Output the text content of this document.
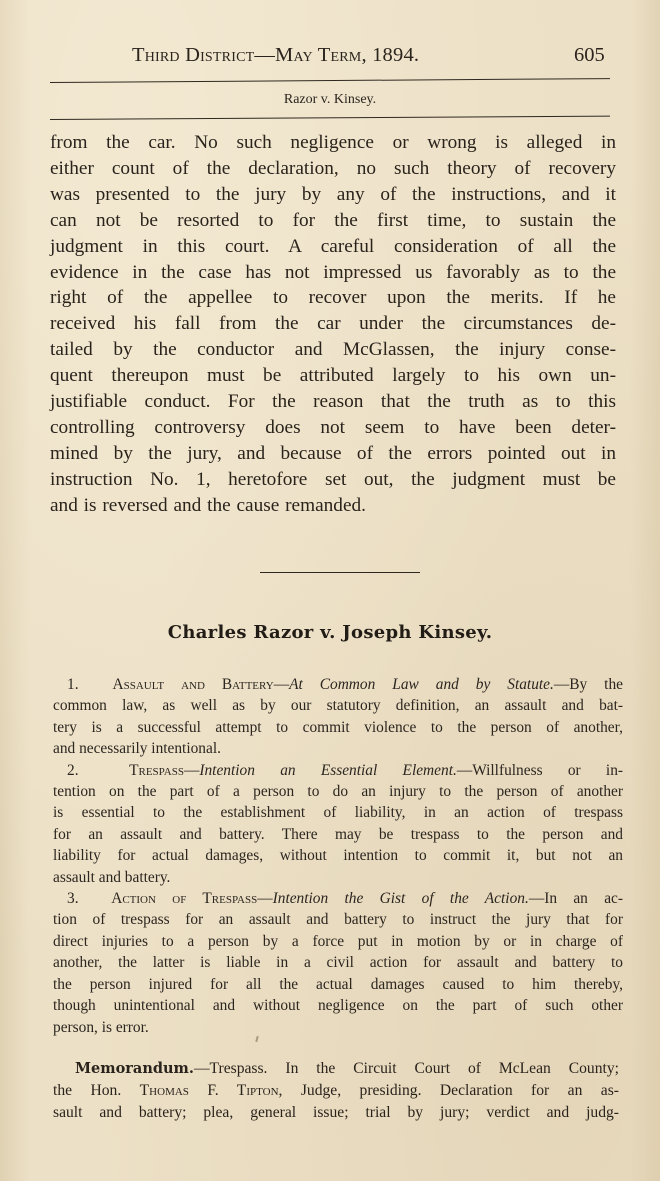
Third District—May Term, 1894.	605
Razor v. Kinsey.
from the car. No such negligence or wrong is alleged in
either count of the declaration, no such theory of recovery
was presented to the jury by any of the instructions, and it
can not be resorted to for the first time, to sustain the
judgment in this court. A careful consideration of all the
evidence in the case has not impressed us favorably as to the
right of the appellee to recover upon the merits. If he
received his fall from the car under the circumstances de-
tailed by the conductor and McGlassen, the injury conse-
quent thereupon must be attributed largely to his own un-
justifiable conduct. For the reason that the truth as to this
controlling controversy does not seem to have been deter-
mined by the jury, and because of the errors pointed out in
instruction No. 1, heretofore set out, the judgment must be
and is reversed and the cause remanded.
Charles Razor v. Joseph Kinsey.
1. Assault and Battery—At Common Law and by Statute.—By the
common law, as well as by our statutory definition, an assault and bat-
tery is a successful attempt to commit violence to the person of another,
and necessarily intentional.
2.	Trespass—Intention an Essential Element.—Willfulness or in-
tention on the part of a person to do an injury to the person of another
is essential to the establishment of liability, in an action of trespass
for an assault and battery. There may be trespass to the person and
liability for actual damages, without intention to commit it, but not an
assault and battery.
3. Action of Trespass—Intention the Gist of the Action.—In an ac-
tion of trespass for an assault and battery to instruct the jury that for
direct injuries to a person by a force put in motion by or in charge of
another, the latter is liable in a civil action for assault and battery to
the person injured for all the actual damages caused to him thereby,
though unintentional and without negligence on the part of such other
person, is error.
Memorandum.—Trespass. In the Circuit Court of McLean County;
the Hon. Thomas F. Tipton, Judge, presiding. Declaration for an as-
sault and battery; plea, general issue; trial by jury; verdict and judg-
